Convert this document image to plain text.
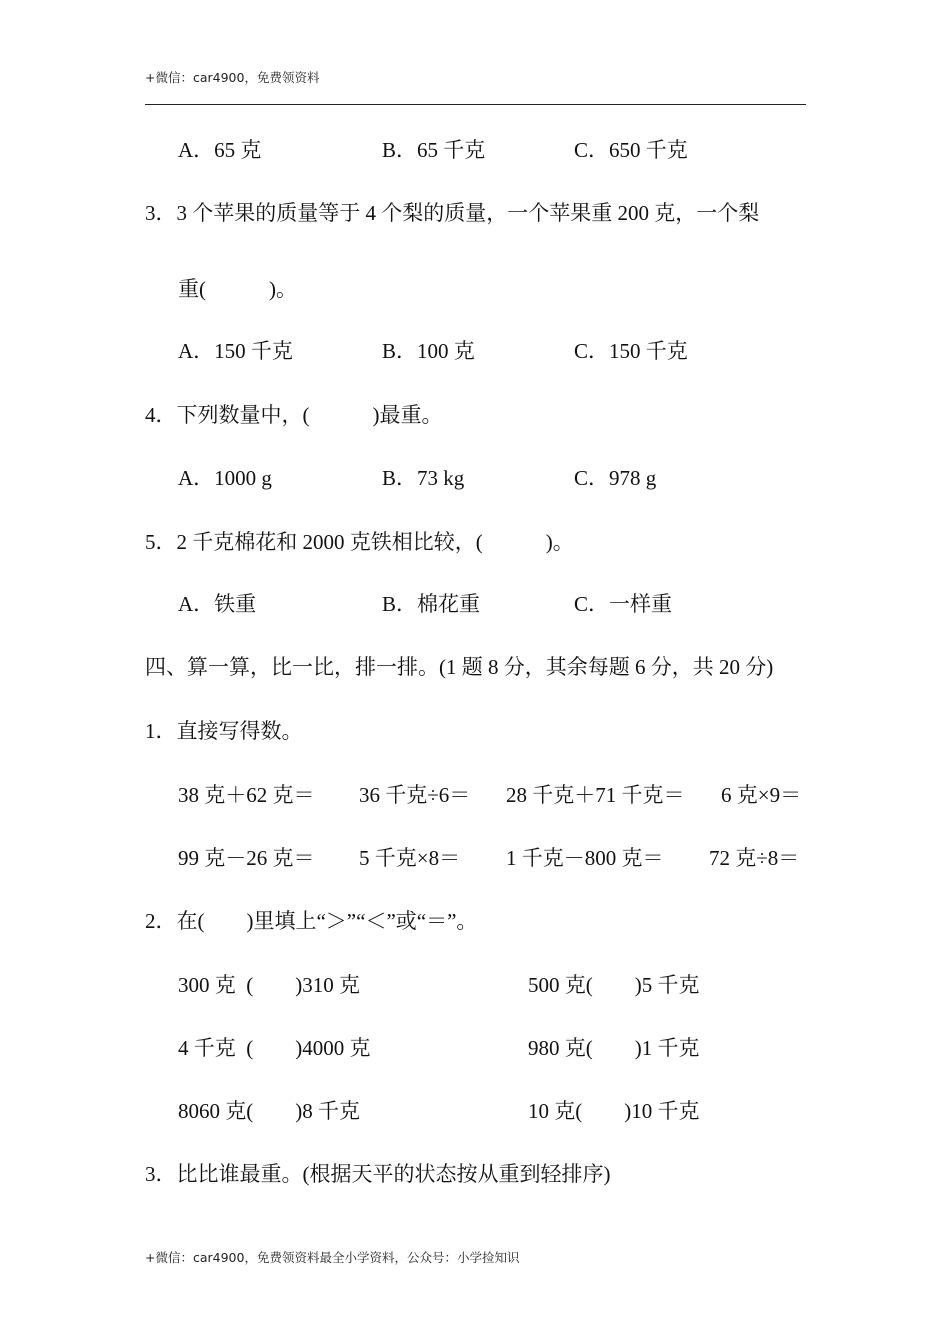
+微信：car4900，免费领资料
A．65 克	B．65 千克	C．650 千克
3．3 个苹果的质量等于 4 个梨的质量，一个苹果重 200 克，一个梨
重(            )。
A．150 千克	B．100 克	C．150 千克
4．下列数量中，(            )最重。
A．1000 g	B．73 kg	C．978 g
5．2 千克棉花和 2000 克铁相比较，(            )。
A．铁重	B．棉花重	C．一样重
四、算一算，比一比，排一排。(1 题 8 分，其余每题 6 分，共 20 分)
1．直接写得数。
38 克＋62 克＝ 36 千克÷6＝ 28 千克＋71 千克＝ 6 克×9＝
99 克－26 克＝ 5 千克×8＝ 1 千克－800 克＝ 72 克÷8＝
2．在(        )里填上“＞”“＜”或“＝”。
300 克  (        )310 克	500 克(        )5 千克
4 千克  (        )4000 克	980 克(        )1 千克
8060 克(        )8 千克	10 克(        )10 千克
3．比比谁最重。(根据天平的状态按从重到轻排序)
+微信：car4900，免费领资料最全小学资料，公众号：小学捡知识
